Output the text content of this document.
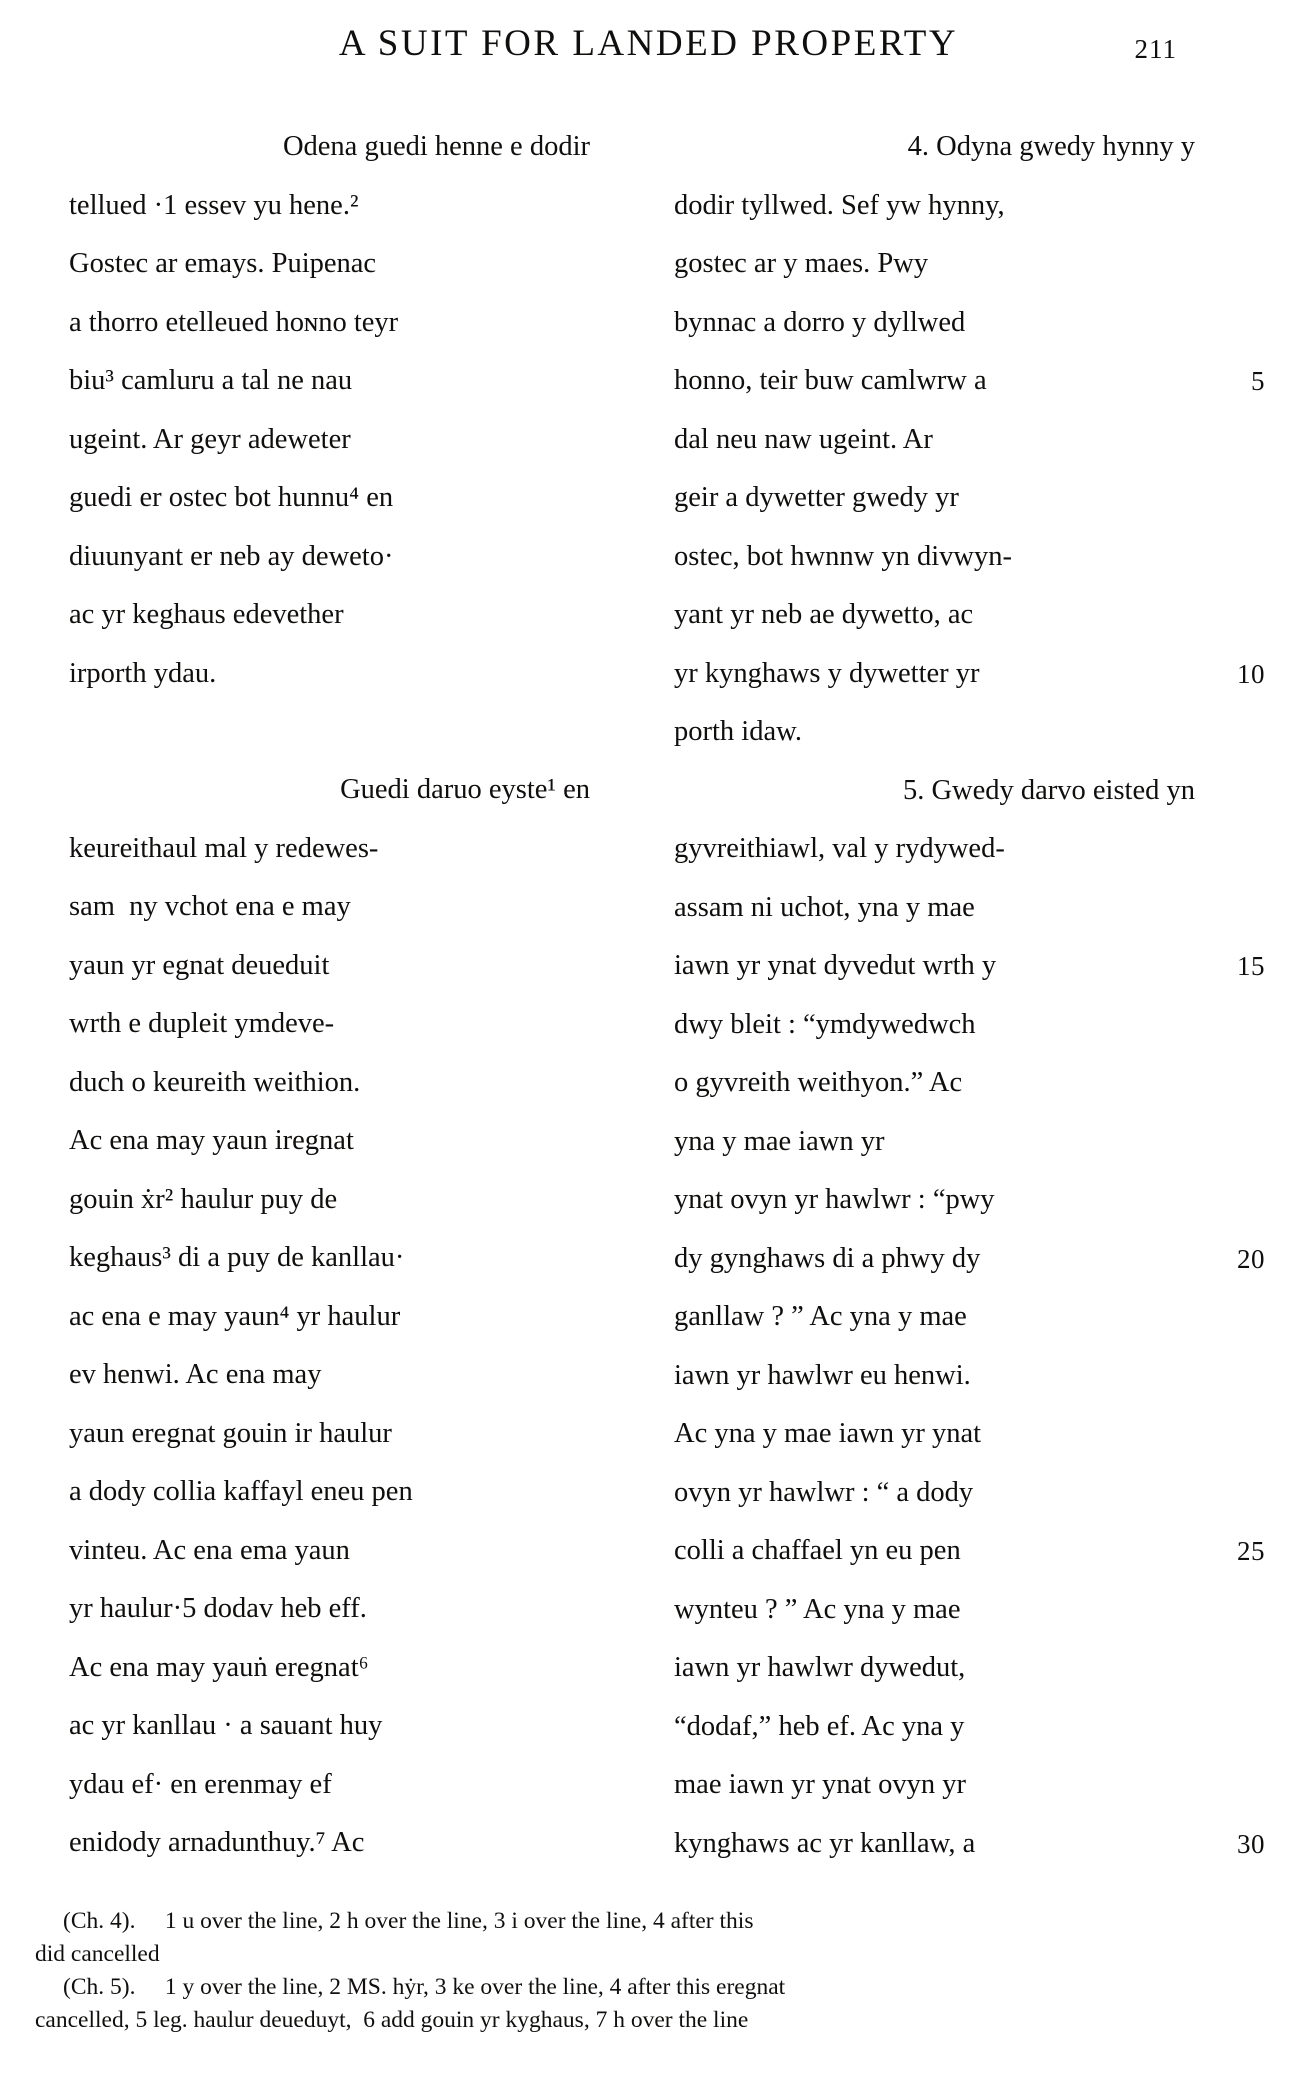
A SUIT FOR LANDED PROPERTY	211
Odena guedi henne e dodir
tellued ·1 essev yu hene.²
Gostec ar emays. Puipenac
a thorro etelleued hoɴno teyr
biu³ camluru a tal ne nau
ugeint. Ar geyr adeweter
guedi er ostec bot hunnu⁴ en
diuunyant er neb ay deweto·
ac yr keghaus edevether
irporth ydau.
Guedi daruo eyste¹ en
keureithaul mal y redewes-
sam  ny vchot ena e may
yaun yr egnat deueduit
wrth e dupleit ymdeve-
duch o keureith weithion.
Ac ena may yaun iregnat
gouin ẋr² haulur puy de
keghaus³ di a puy de kanllau·
ac ena e may yaun⁴ yr haulur
ev henwi. Ac ena may
yaun eregnat gouin ir haulur
a dody collia kaffayl eneu pen
vinteu. Ac ena ema yaun
yr haulur·5 dodav heb eff.
Ac ena may yauṅ eregnat⁶
ac yr kanllau · a sauant huy
ydau ef· en erenmay ef
enidody arnadunthuy.⁷ Ac
4. Odyna gwedy hynny y
dodir tyllwed. Sef yw hynny,
gostec ar y maes. Pwy
bynnac a dorro y dyllwed
honno, teir buw camlwrw a	5
dal neu naw ugeint. Ar
geir a dywetter gwedy yr
ostec, bot hwnnw yn divwyn-
yant yr neb ae dywetto, ac
yr kynghaws y dywetter yr	10
porth idaw.
5. Gwedy darvo eisted yn
gyvreithiawl, val y rydywed-
assam ni uchot, yna y mae
iawn yr ynat dyvedut wrth y	15
dwy bleit : “ymdywedwch
o gyvreith weithyon.” Ac
yna y mae iawn yr
ynat ovyn yr hawlwr : “pwy
dy gynghaws di a phwy dy	20
ganllaw ? ” Ac yna y mae
iawn yr hawlwr eu henwi.
Ac yna y mae iawn yr ynat
ovyn yr hawlwr : “ a dody
colli a chaffael yn eu pen	25
wynteu ? ” Ac yna y mae
iawn yr hawlwr dywedut,
“dodaf,” heb ef. Ac yna y
mae iawn yr ynat ovyn yr
kynghaws ac yr kanllaw, a	30
(Ch. 4).  1 u over the line, 2 h over the line, 3 i over the line, 4 after this
did cancelled
(Ch. 5).  1 y over the line, 2 MS. hẏr, 3 ke over the line, 4 after this eregnat
cancelled, 5 leg. haulur deueduyt, 6 add gouin yr kyghaus, 7 h over the line
